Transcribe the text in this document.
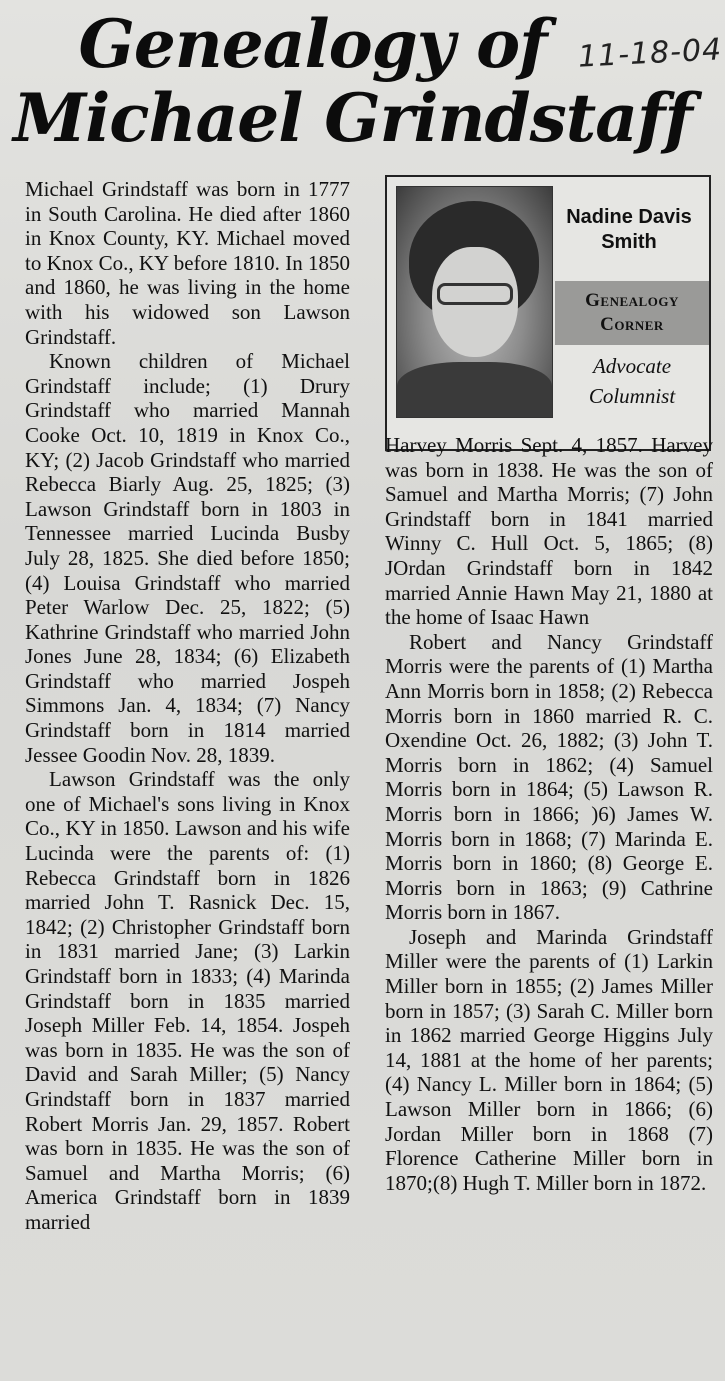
Genealogy of
Michael Grindstaff
11-18-04

Michael Grindstaff was born in 1777 in South Carolina. He died after 1860 in Knox County, KY. Michael moved to Knox Co., KY before 1810. In 1850 and 1860, he was living in the home with his widowed son Lawson Grindstaff.

Known children of Michael Grindstaff include; (1) Drury Grindstaff who married Mannah Cooke Oct. 10, 1819 in Knox Co., KY; (2) Jacob Grindstaff who married Rebecca Biarly Aug. 25, 1825; (3) Lawson Grindstaff born in 1803 in Tennessee married Lucinda Busby July 28, 1825. She died before 1850; (4) Louisa Grindstaff who married Peter Warlow Dec. 25, 1822; (5) Kathrine Grindstaff who married John Jones June 28, 1834; (6) Elizabeth Grindstaff who married Jospeh Simmons Jan. 4, 1834; (7) Nancy Grindstaff born in 1814 married Jessee Goodin Nov. 28, 1839.

Lawson Grindstaff was the only one of Michael's sons living in Knox Co., KY in 1850. Lawson and his wife Lucinda were the parents of: (1) Rebecca Grindstaff born in 1826 married John T. Rasnick Dec. 15, 1842; (2) Christopher Grindstaff born in 1831 married Jane; (3) Larkin Grindstaff born in 1833; (4) Marinda Grindstaff born in 1835 married Joseph Miller Feb. 14, 1854. Jospeh was born in 1835. He was the son of David and Sarah Miller; (5) Nancy Grindstaff born in 1837 married Robert Morris Jan. 29, 1857. Robert was born in 1835. He was the son of Samuel and Martha Morris; (6) America Grindstaff born in 1839 married

Nadine Davis Smith
Genealogy Corner
Advocate Columnist

Harvey Morris Sept. 4, 1857. Harvey was born in 1838. He was the son of Samuel and Martha Morris; (7) John Grindstaff born in 1841 married Winny C. Hull Oct. 5, 1865; (8) JOrdan Grindstaff born in 1842 married Annie Hawn May 21, 1880 at the home of Isaac Hawn

Robert and Nancy Grindstaff Morris were the parents of (1) Martha Ann Morris born in 1858; (2) Rebecca Morris born in 1860 married R. C. Oxendine Oct. 26, 1882; (3) John T. Morris born in 1862; (4) Samuel Morris born in 1864; (5) Lawson R. Morris born in 1866; )6) James W. Morris born in 1868; (7) Marinda E. Morris born in 1860; (8) George E. Morris born in 1863; (9) Cathrine Morris born in 1867.

Joseph and Marinda Grindstaff Miller were the parents of (1) Larkin Miller born in 1855; (2) James Miller born in 1857; (3) Sarah C. Miller born in 1862 married George Higgins July 14, 1881 at the home of her parents; (4) Nancy L. Miller born in 1864; (5) Lawson Miller born in 1866; (6) Jordan Miller born in 1868 (7) Florence Catherine Miller born in 1870;(8) Hugh T. Miller born in 1872.
